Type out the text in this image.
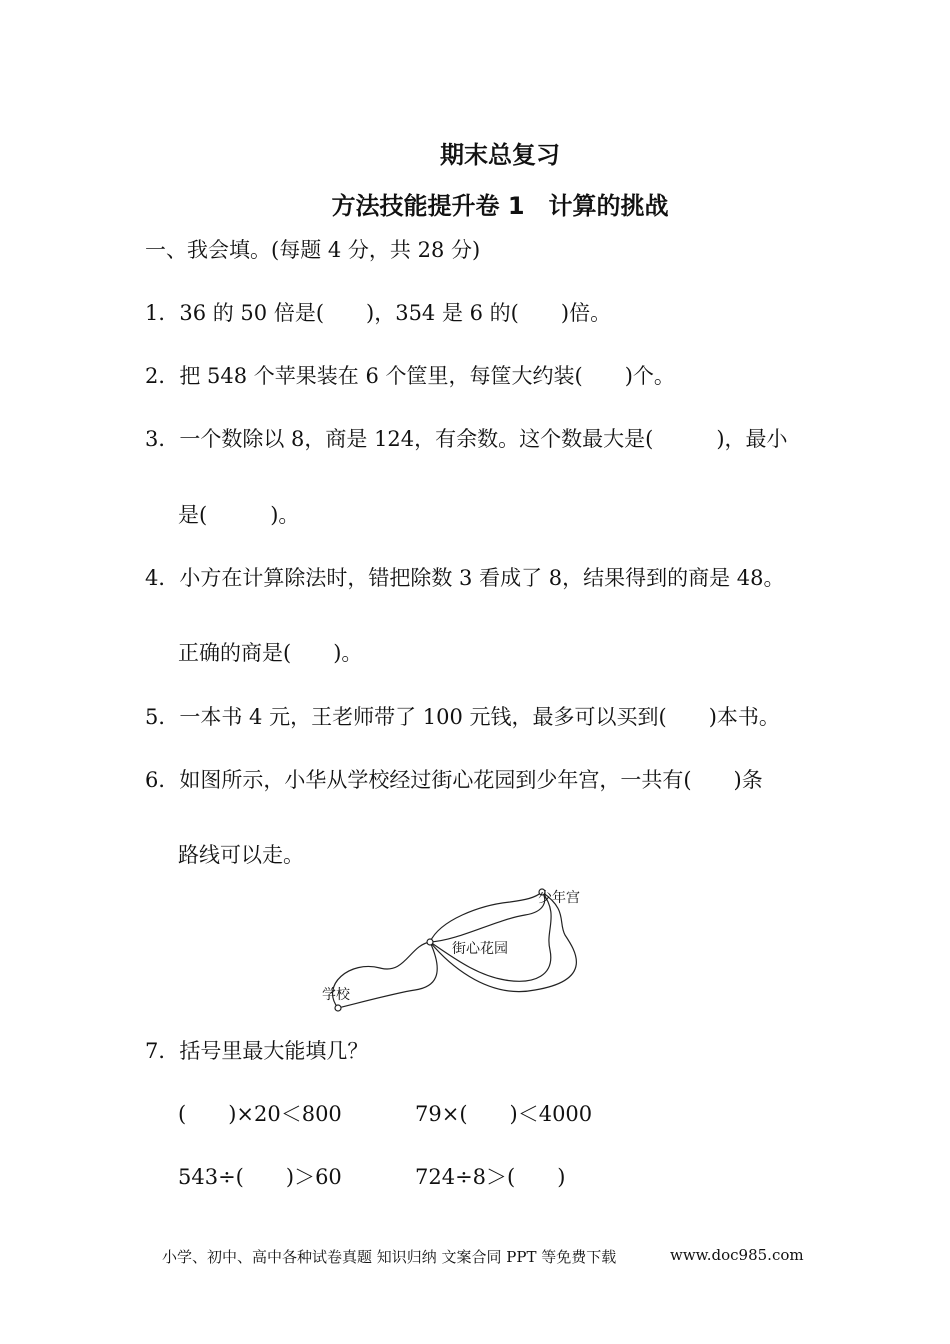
期末总复习
方法技能提升卷 1　计算的挑战
一、我会填。(每题 4 分，共 28 分)
1．36 的 50 倍是(　　)，354 是 6 的(　　)倍。
2．把 548 个苹果装在 6 个筐里，每筐大约装(　　)个。
3．一个数除以 8，商是 124，有余数。这个数最大是(　　　)，最小
是(　　　)。
4．小方在计算除法时，错把除数 3 看成了 8，结果得到的商是 48。
正确的商是(　　)。
5．一本书 4 元，王老师带了 100 元钱，最多可以买到(　　)本书。
6．如图所示，小华从学校经过街心花园到少年宫，一共有(　　)条
路线可以走。
学校
街心花园
少年宫
7．括号里最大能填几？
(　　)×20＜800	79×(　　)＜4000
543÷(　　)＞60	724÷8＞(　　)
小学、初中、高中各种试卷真题 知识归纳 文案合同 PPT 等免费下载	www.doc985.com
